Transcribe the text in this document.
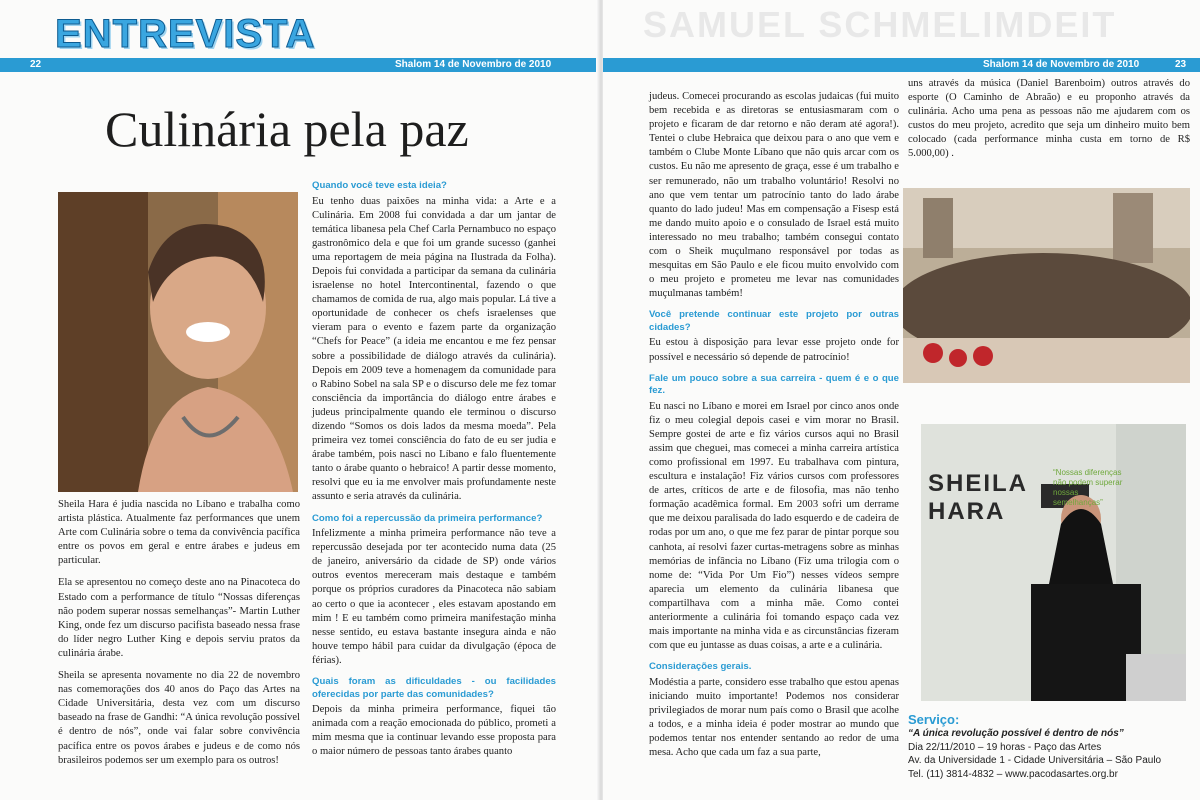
ENTREVISTA
22	Shalom 14 de Novembro de 2010
Culinária pela paz

Sheila Hara é judia nascida no Líbano e trabalha como artista plástica. Atualmente faz performances que unem Arte com Culinária sobre o tema da convivência pacífica entre os povos em geral e entre árabes e judeus em particular.

Ela se apresentou no começo deste ano na Pinacoteca do Estado com a performance de título “Nossas diferenças não podem superar nossas semelhanças”- Martin Luther King, onde fez um discurso pacifista baseado nessa frase do líder negro Luther King e depois serviu pratos da culinária árabe.

Sheila se apresenta novamente no dia 22 de novembro nas comemorações dos 40 anos do Paço das Artes na Cidade Universitária, desta vez com um discurso baseado na frase de Gandhi: “A única revolução possível é dentro de nós”, onde vai falar sobre convivência pacífica entre os povos árabes e judeus e de como nós brasileiros podemos ser um exemplo para os outros!

Quando você teve esta ideia?

Eu tenho duas paixões na minha vida: a Arte e a Culinária. Em 2008 fui convidada a dar um jantar de temática libanesa pela Chef Carla Pernambuco no espaço gastronômico dela e que foi um grande sucesso (ganhei uma reportagem de meia página na Ilustrada da Folha). Depois fui convidada a participar da semana da culinária israelense no hotel Intercontinental, fazendo o que chamamos de comida de rua, algo mais popular. Lá tive a oportunidade de conhecer os chefs israelenses que vieram para o evento e fazem parte da organização “Chefs for Peace” (a ideia me encantou e me fez pensar sobre a possibilidade de diálogo através da culinária). Depois em 2009 teve a homenagem da comunidade para o Rabino Sobel na sala SP e o discurso dele me fez tomar consciência da importância do diálogo entre árabes e judeus principalmente quando ele terminou o discurso dizendo “Somos os dois lados da mesma moeda”. Pela primeira vez tomei consciência do fato de eu ser judia e árabe também, pois nasci no Líbano e falo fluentemente tanto o árabe quanto o hebraico! A partir desse momento, resolvi que eu ia me envolver mais profundamente neste assunto e seria através da culinária.

Como foi a repercussão da primeira performance?

Infelizmente a minha primeira performance não teve a repercussão desejada por ter acontecido numa data (25 de janeiro, aniversário da cidade de SP) onde vários outros eventos mereceram mais destaque e também porque os próprios curadores da Pinacoteca não sabiam ao certo o que ia acontecer , eles estavam apostando em mim ! E eu também como primeira manifestação minha nesse sentido, eu estava bastante insegura ainda e não houve tempo hábil para cuidar da divulgação (época de férias).

Quais foram as dificuldades - ou facilidades oferecidas por parte das comunidades?

Depois da minha primeira performance, fiquei tão animada com a reação emocionada do público, prometi a mim mesma que ia continuar levando esse proposta para o maior número de pessoas tanto árabes quanto

SAMUEL SCHMELIMDEIT
Shalom 14 de Novembro de 2010	23

judeus. Comecei procurando as escolas judaicas (fui muito bem recebida e as diretoras se entusiasmaram com o projeto e ficaram de dar retorno e não deram até agora!). Tentei o clube Hebraica que deixou para o ano que vem e também o Clube Monte Líbano que não quis arcar com os custos. Eu não me apresento de graça, esse é um trabalho e ser remunerado, não um trabalho voluntário! Resolvi no ano que vem tentar um patrocínio tanto do lado árabe quanto do lado judeu! Mas em compensação a Fisesp está me dando muito apoio e o consulado de Israel está muito interessado no meu trabalho; também consegui contato com o Sheik muçulmano responsável por todas as mesquitas em São Paulo e ele ficou muito envolvido com o meu projeto e prometeu me levar nas comunidades muçulmanas também!

Você pretende continuar este projeto por outras cidades?

Eu estou à disposição para levar esse projeto onde for possível e necessário só depende de patrocínio!

Fale um pouco sobre a sua carreira - quem é e o que fez.

Eu nasci no Líbano e morei em Israel por cinco anos onde fiz o meu colegial depois casei e vim morar no Brasil. Sempre gostei de arte e fiz vários cursos aqui no Brasil assim que cheguei, mas comecei a minha carreira artística como profissional em 1997. Eu trabalhava com pintura, escultura e instalação! Fiz vários cursos com professores de artes, críticos de arte e de filosofia, mas não tenho formação acadêmica formal. Em 2003 sofri um derrame que me deixou paralisada do lado esquerdo e de cadeira de rodas por um ano, o que me fez parar de pintar porque sou canhota, aí resolvi fazer curtas-metragens sobre as minhas memórias de infância no Líbano (Fiz uma trilogia com o nome de: “Vida Por Um Fio”) nesses vídeos sempre aparecia um elemento da culinária libanesa que compartilhava com a minha mãe. Como contei anteriormente a culinária foi tomando espaço cada vez mais importante na minha vida e as circunstâncias fizeram com que eu juntasse as duas coisas, a arte e a culinária.

Considerações gerais.

Modéstia a parte, considero esse trabalho que estou apenas iniciando muito importante! Podemos nos considerar privilegiados de morar num país como o Brasil que acolhe a todos, e a minha ideia é poder mostrar ao mundo que podemos tentar nos entender sentando ao redor de uma mesa. Acho que cada um faz a sua parte,

uns através da música (Daniel Barenboim) outros através do esporte (O Caminho de Abraão) e eu proponho através da culinária. Acho uma pena as pessoas não me ajudarem com os custos do meu projeto, acredito que seja um dinheiro muito bem colocado (cada performance minha custa em torno de R$ 5.000,00) .

SHEILA HARA
“Nossas diferenças não podem superar nossas semelhanças”
Serviço:
“A única revolução possível é dentro de nós”
Dia 22/11/2010 – 19 horas - Paço das Artes
Av. da Universidade 1 - Cidade Universitária – São Paulo
Tel. (11) 3814-4832 – www.pacodasartes.org.br
